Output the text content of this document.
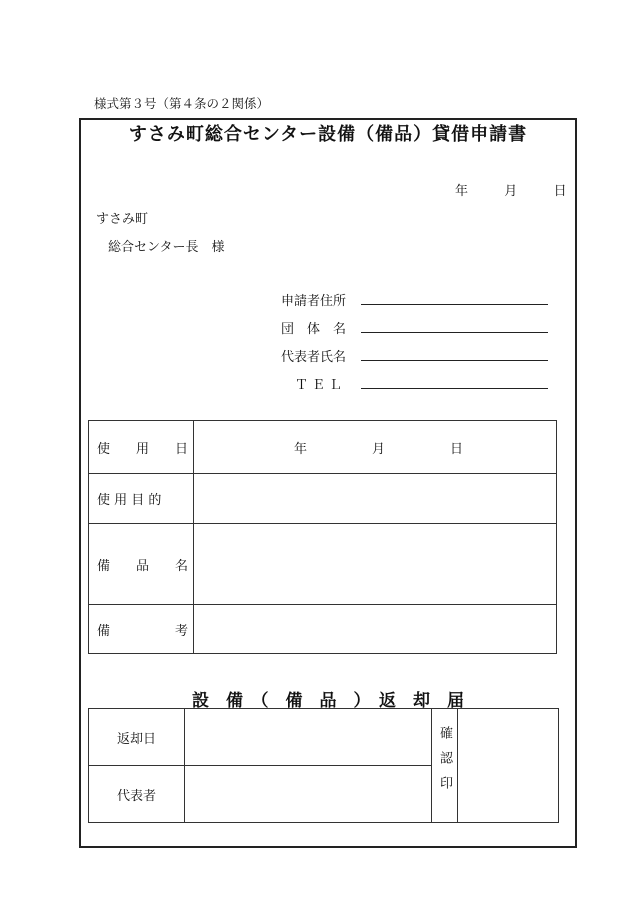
様式第３号（第４条の２関係）
すさみ町総合センター設備（備品）貸借申請書
年	月	日
すさみ町
総合センター長　様
申請者住所
団　体　名
代表者氏名
ＴＥＬ
使　　用　　日	年　　　　　月　　　　　日
使 用 目 的	
備　　品　　名	
備　　　　　考	
設　備　（　備　品　）　返　却　届
返却日		確認印	
代表者			
